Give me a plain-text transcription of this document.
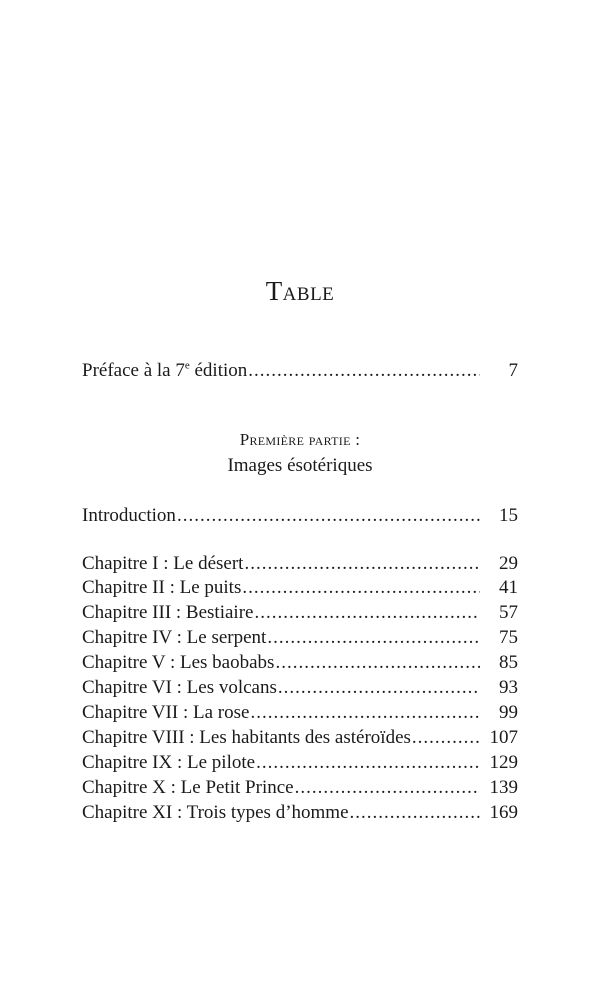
Table
Préface à la 7e édition .....	7
Première partie :
Images ésotériques
Introduction .....	15
Chapitre I : Le désert .....	29
Chapitre II : Le puits .....	41
Chapitre III : Bestiaire .....	57
Chapitre IV : Le serpent .....	75
Chapitre V : Les baobabs .....	85
Chapitre VI : Les volcans .....	93
Chapitre VII : La rose .....	99
Chapitre VIII : Les habitants des astéroïdes .....	107
Chapitre IX : Le pilote .....	129
Chapitre X : Le Petit Prince .....	139
Chapitre XI : Trois types d’homme .....	169
